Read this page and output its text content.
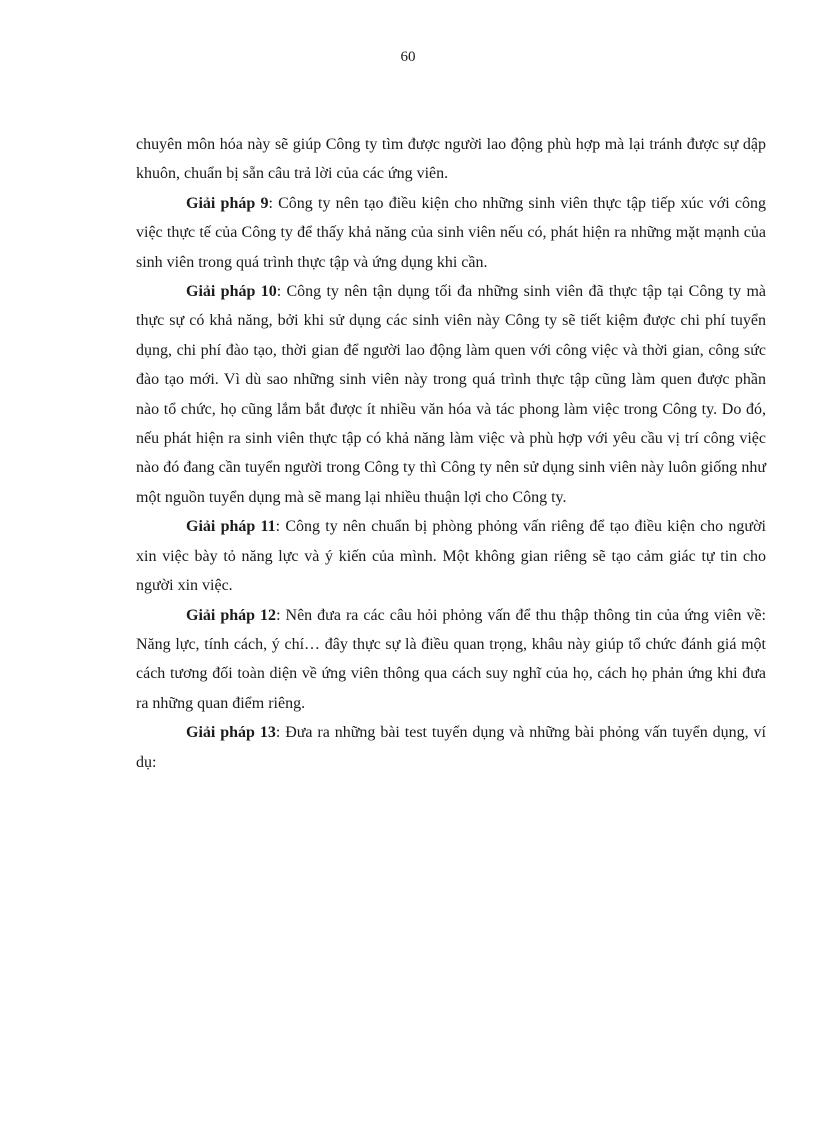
60

chuyên môn hóa này sẽ giúp Công ty tìm được người lao động phù hợp mà lại tránh được sự dập khuôn, chuẩn bị sẵn câu trả lời của các ứng viên.

Giải pháp 9: Công ty nên tạo điều kiện cho những sinh viên thực tập tiếp xúc với công việc thực tế của Công ty để thấy khả năng của sinh viên nếu có, phát hiện ra những mặt mạnh của sinh viên trong quá trình thực tập và ứng dụng khi cần.

Giải pháp 10: Công ty nên tận dụng tối đa những sinh viên đã thực tập tại Công ty mà thực sự có khả năng, bởi khi sử dụng các sinh viên này Công ty sẽ tiết kiệm được chi phí tuyển dụng, chi phí đào tạo, thời gian để người lao động làm quen với công việc và thời gian, công sức đào tạo mới. Vì dù sao những sinh viên này trong quá trình thực tập cũng làm quen được phần nào tổ chức, họ cũng lắm bắt được ít nhiều văn hóa và tác phong làm việc trong Công ty. Do đó, nếu phát hiện ra sinh viên thực tập có khả năng làm việc và phù hợp với yêu cầu vị trí công việc nào đó đang cần tuyển người trong Công ty thì Công ty nên sử dụng sinh viên này luôn giống như một nguồn tuyển dụng mà sẽ mang lại nhiều thuận lợi cho Công ty.

Giải pháp 11: Công ty nên chuẩn bị phòng phỏng vấn riêng để tạo điều kiện cho người xin việc bày tỏ năng lực và ý kiến của mình. Một không gian riêng sẽ tạo cảm giác tự tin cho người xin việc.

Giải pháp 12: Nên đưa ra các câu hỏi phỏng vấn để thu thập thông tin của ứng viên về: Năng lực, tính cách, ý chí… đây thực sự là điều quan trọng, khâu này giúp tổ chức đánh giá một cách tương đối toàn diện về ứng viên thông qua cách suy nghĩ của họ, cách họ phản ứng khi đưa ra những quan điểm riêng.

Giải pháp 13: Đưa ra những bài test tuyển dụng và những bài phỏng vấn tuyển dụng, ví dụ:
